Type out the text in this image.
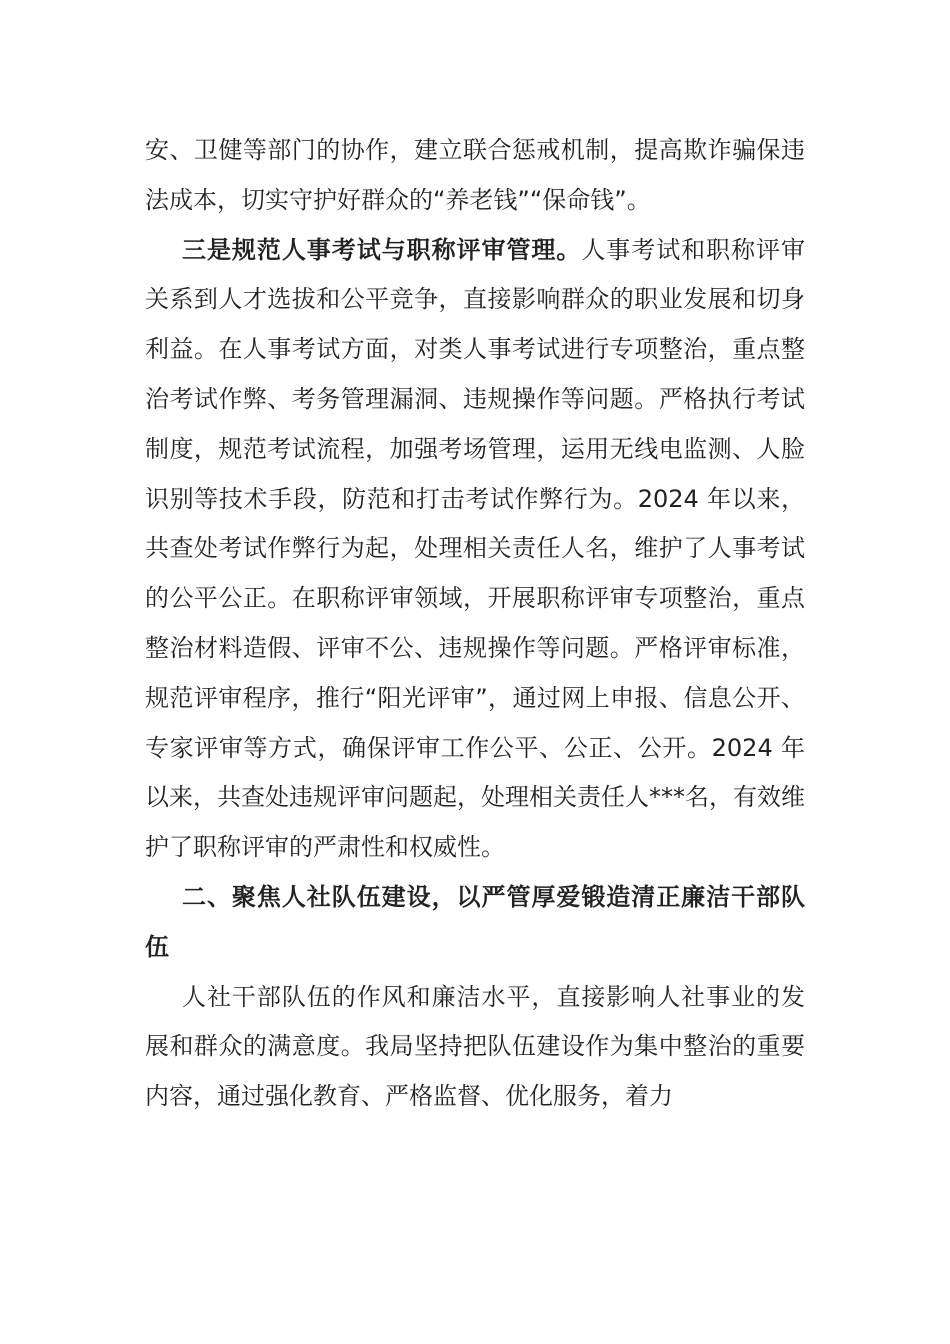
安、卫健等部门的协作，建立联合惩戒机制，提高欺诈骗保违法成本，切实守护好群众的“养老钱”“保命钱”。

三是规范人事考试与职称评审管理。人事考试和职称评审关系到人才选拔和公平竞争，直接影响群众的职业发展和切身利益。在人事考试方面，对类人事考试进行专项整治，重点整治考试作弊、考务管理漏洞、违规操作等问题。严格执行考试制度，规范考试流程，加强考场管理，运用无线电监测、人脸识别等技术手段，防范和打击考试作弊行为。2024 年以来，共查处考试作弊行为起，处理相关责任人名，维护了人事考试的公平公正。在职称评审领域，开展职称评审专项整治，重点整治材料造假、评审不公、违规操作等问题。严格评审标准，规范评审程序，推行“阳光评审”，通过网上申报、信息公开、专家评审等方式，确保评审工作公平、公正、公开。2024 年以来，共查处违规评审问题起，处理相关责任人***名，有效维护了职称评审的严肃性和权威性。

二、聚焦人社队伍建设，以严管厚爱锻造清正廉洁干部队伍

人社干部队伍的作风和廉洁水平，直接影响人社事业的发展和群众的满意度。我局坚持把队伍建设作为集中整治的重要内容，通过强化教育、严格监督、优化服务，着力
